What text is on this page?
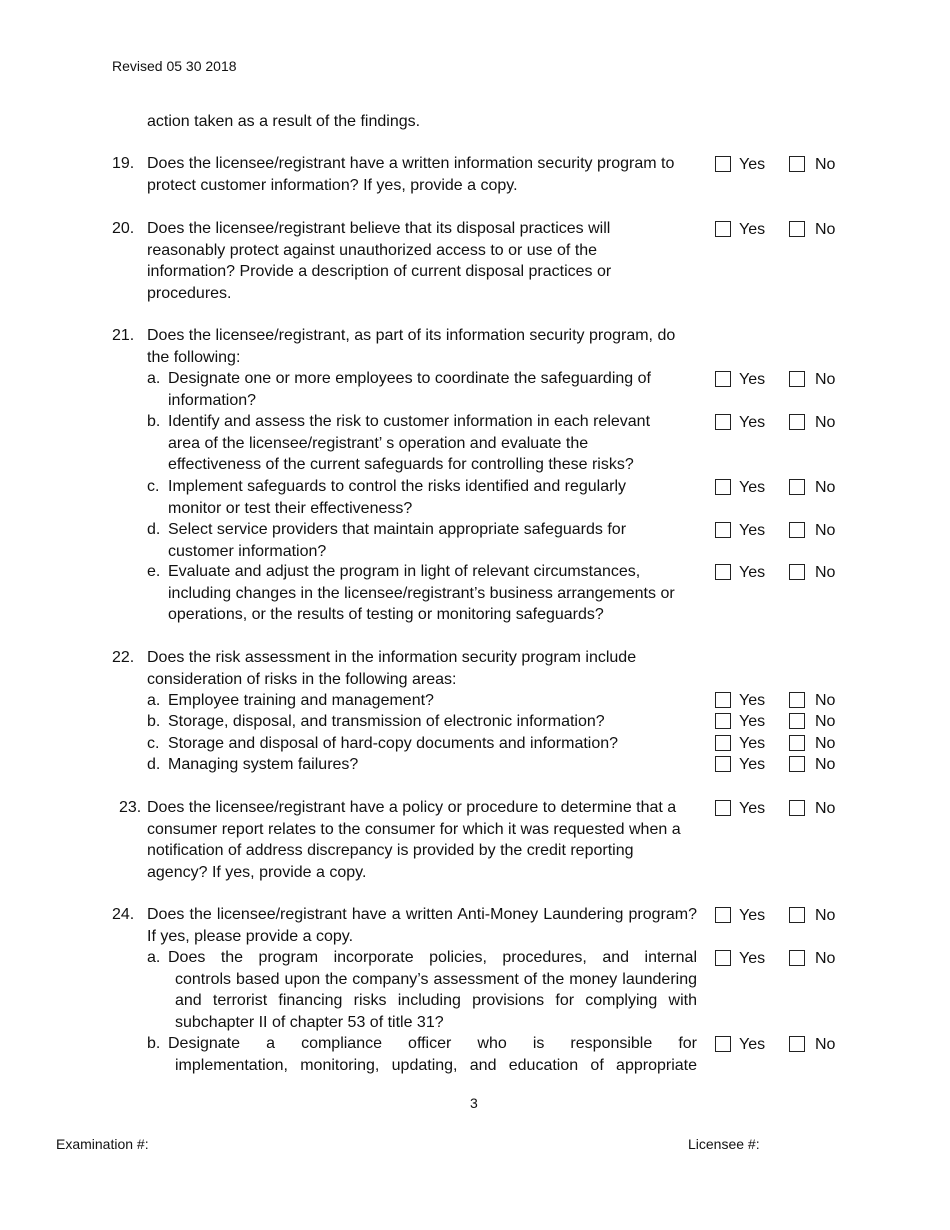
Revised 05 30 2018
action taken as a result of the findings.
19. Does the licensee/registrant have a written information security program to protect customer information? If yes, provide a copy.
Yes	No
20. Does the licensee/registrant believe that its disposal practices will reasonably protect against unauthorized access to or use of the information? Provide a description of current disposal practices or procedures.
Yes	No
21. Does the licensee/registrant, as part of its information security program, do the following:
a. Designate one or more employees to coordinate the safeguarding of information?
Yes	No
b. Identify and assess the risk to customer information in each relevant area of the licensee/registrant’ s operation and evaluate the effectiveness of the current safeguards for controlling these risks?
Yes	No
c. Implement safeguards to control the risks identified and regularly monitor or test their effectiveness?
Yes	No
d. Select service providers that maintain appropriate safeguards for customer information?
Yes	No
e. Evaluate and adjust the program in light of relevant circumstances, including changes in the licensee/registrant’s business arrangements or operations, or the results of testing or monitoring safeguards?
Yes	No
22. Does the risk assessment in the information security program include consideration of risks in the following areas:
a. Employee training and management?	Yes	No
b. Storage, disposal, and transmission of electronic information?	Yes	No
c. Storage and disposal of hard-copy documents and information?	Yes	No
d. Managing system failures?	Yes	No
23. Does the licensee/registrant have a policy or procedure to determine that a consumer report relates to the consumer for which it was requested when a notification of address discrepancy is provided by the credit reporting agency? If yes, provide a copy.
Yes	No
24. Does the licensee/registrant have a written Anti-Money Laundering program? If yes, please provide a copy.
Yes	No
a. Does the program incorporate policies, procedures, and internal
controls based upon the company’s assessment of the money laundering and terrorist financing risks including provisions for complying with subchapter II of chapter 53 of title 31?
Yes	No
b. Designate a compliance officer who is responsible for
implementation, monitoring, updating, and education of appropriate
Yes	No
3
Examination #:	Licensee #:
